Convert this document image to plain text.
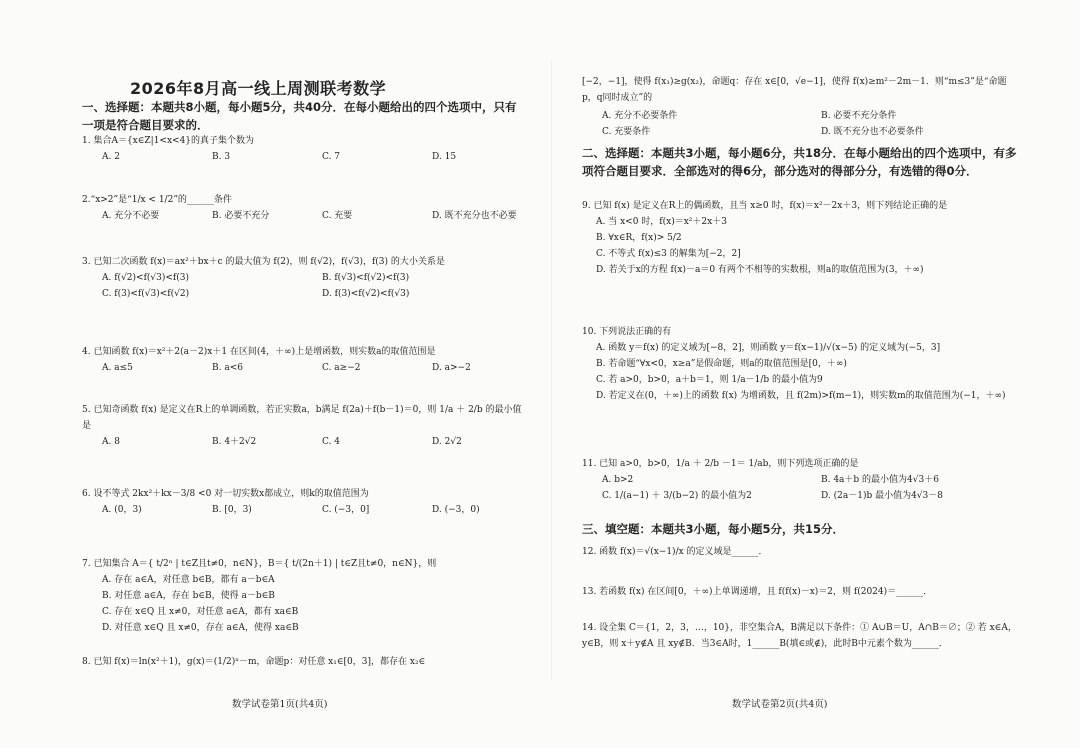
2026年8月高一线上周测联考数学
一、选择题：本题共8小题，每小题5分，共40分．在每小题给出的四个选项中，只有一项是符合题目要求的．
1. 集合A＝{x∈Z|1<x<4}的真子集个数为
A. 2	B. 3	C. 7	D. 15
2.“x>2”是“1/x < 1/2”的______条件
A. 充分不必要	B. 必要不充分	C. 充要	D. 既不充分也不必要
3. 已知二次函数 f(x)＝ax²＋bx＋c 的最大值为 f(2)，则 f(√2)，f(√3)，f(3) 的大小关系是
A. f(√2)<f(√3)<f(3)	B. f(√3)<f(√2)<f(3)
C. f(3)<f(√3)<f(√2)	D. f(3)<f(√2)<f(√3)
4. 已知函数 f(x)＝x²＋2(a－2)x＋1 在区间(4，＋∞)上是增函数，则实数a的取值范围是
A. a≤5	B. a<6	C. a≥−2	D. a>−2
5. 已知奇函数 f(x) 是定义在R上的单调函数，若正实数a，b满足 f(2a)＋f(b－1)＝0，则 1/a ＋ 2/b 的最小值是
A. 8	B. 4＋2√2	C. 4	D. 2√2
6. 设不等式 2kx²＋kx－3/8 <0 对一切实数x都成立，则k的取值范围为
A. (0，3)	B. [0，3)	C. (−3，0]	D. (−3，0)
7. 已知集合 A＝{ t/2ⁿ | t∈Z且t≠0，n∈N}，B＝{ t/(2n＋1) | t∈Z且t≠0，n∈N}，则
A. 存在 a∈A，对任意 b∈B，都有 a－b∈A
B. 对任意 a∈A，存在 b∈B，使得 a－b∈B
C. 存在 x∈Q 且 x≠0，对任意 a∈A，都有 xa∈B
D. 对任意 x∈Q 且 x≠0，存在 a∈A，使得 xa∈B
8. 已知 f(x)＝ln(x²＋1)，g(x)＝(1/2)ˣ－m，命题p：对任意 x₁∈[0，3]，都存在 x₂∈
数学试卷第1页(共4页)
[−2，−1]，使得 f(x₁)≥g(x₂)，命题q：存在 x∈[0，√e−1]，使得 f(x)≥m²－2m－1．则“m≤3”是“命题p，q同时成立”的
A. 充分不必要条件	B. 必要不充分条件
C. 充要条件	D. 既不充分也不必要条件
二、选择题：本题共3小题，每小题6分，共18分．在每小题给出的四个选项中，有多项符合题目要求．全部选对的得6分，部分选对的得部分分，有选错的得0分．
9. 已知 f(x) 是定义在R上的偶函数，且当 x≥0 时，f(x)＝x²－2x＋3，则下列结论正确的是
A. 当 x<0 时，f(x)＝x²＋2x＋3
B. ∀x∈R，f(x)> 5/2
C. 不等式 f(x)≤3 的解集为[−2，2]
D. 若关于x的方程 f(x)－a＝0 有两个不相等的实数根，则a的取值范围为(3，＋∞)
10. 下列说法正确的有
A. 函数 y＝f(x) 的定义域为[−8，2]，则函数 y＝f(x−1)/√(x−5) 的定义域为(−5，3]
B. 若命题“∀x<0，x≥a”是假命题，则a的取值范围是[0，＋∞)
C. 若 a>0，b>0，a＋b＝1，则 1/a－1/b 的最小值为9
D. 若定义在(0，＋∞)上的函数 f(x) 为增函数，且 f(2m)>f(m−1)，则实数m的取值范围为(−1，＋∞)
11. 已知 a>0，b>0，1/a ＋ 2/b －1＝ 1/ab，则下列选项正确的是
A. b>2	B. 4a＋b 的最小值为4√3＋6
C. 1/(a−1) ＋ 3/(b−2) 的最小值为2	D. (2a－1)b 最小值为4√3－8
三、填空题：本题共3小题，每小题5分，共15分．
12. 函数 f(x)＝√(x−1)/x 的定义域是______．
13. 若函数 f(x) 在区间[0，＋∞)上单调递增，且 f(f(x)－x)＝2，则 f(2024)＝______．
14. 设全集 C＝{1，2，3，…，10}，非空集合A，B满足以下条件：① A∪B＝U，A∩B＝∅；② 若 x∈A，y∈B，则 x＋y∉A 且 xy∉B．当3∈A时，1______B(填∈或∉)，此时B中元素个数为______．
数学试卷第2页(共4页)
